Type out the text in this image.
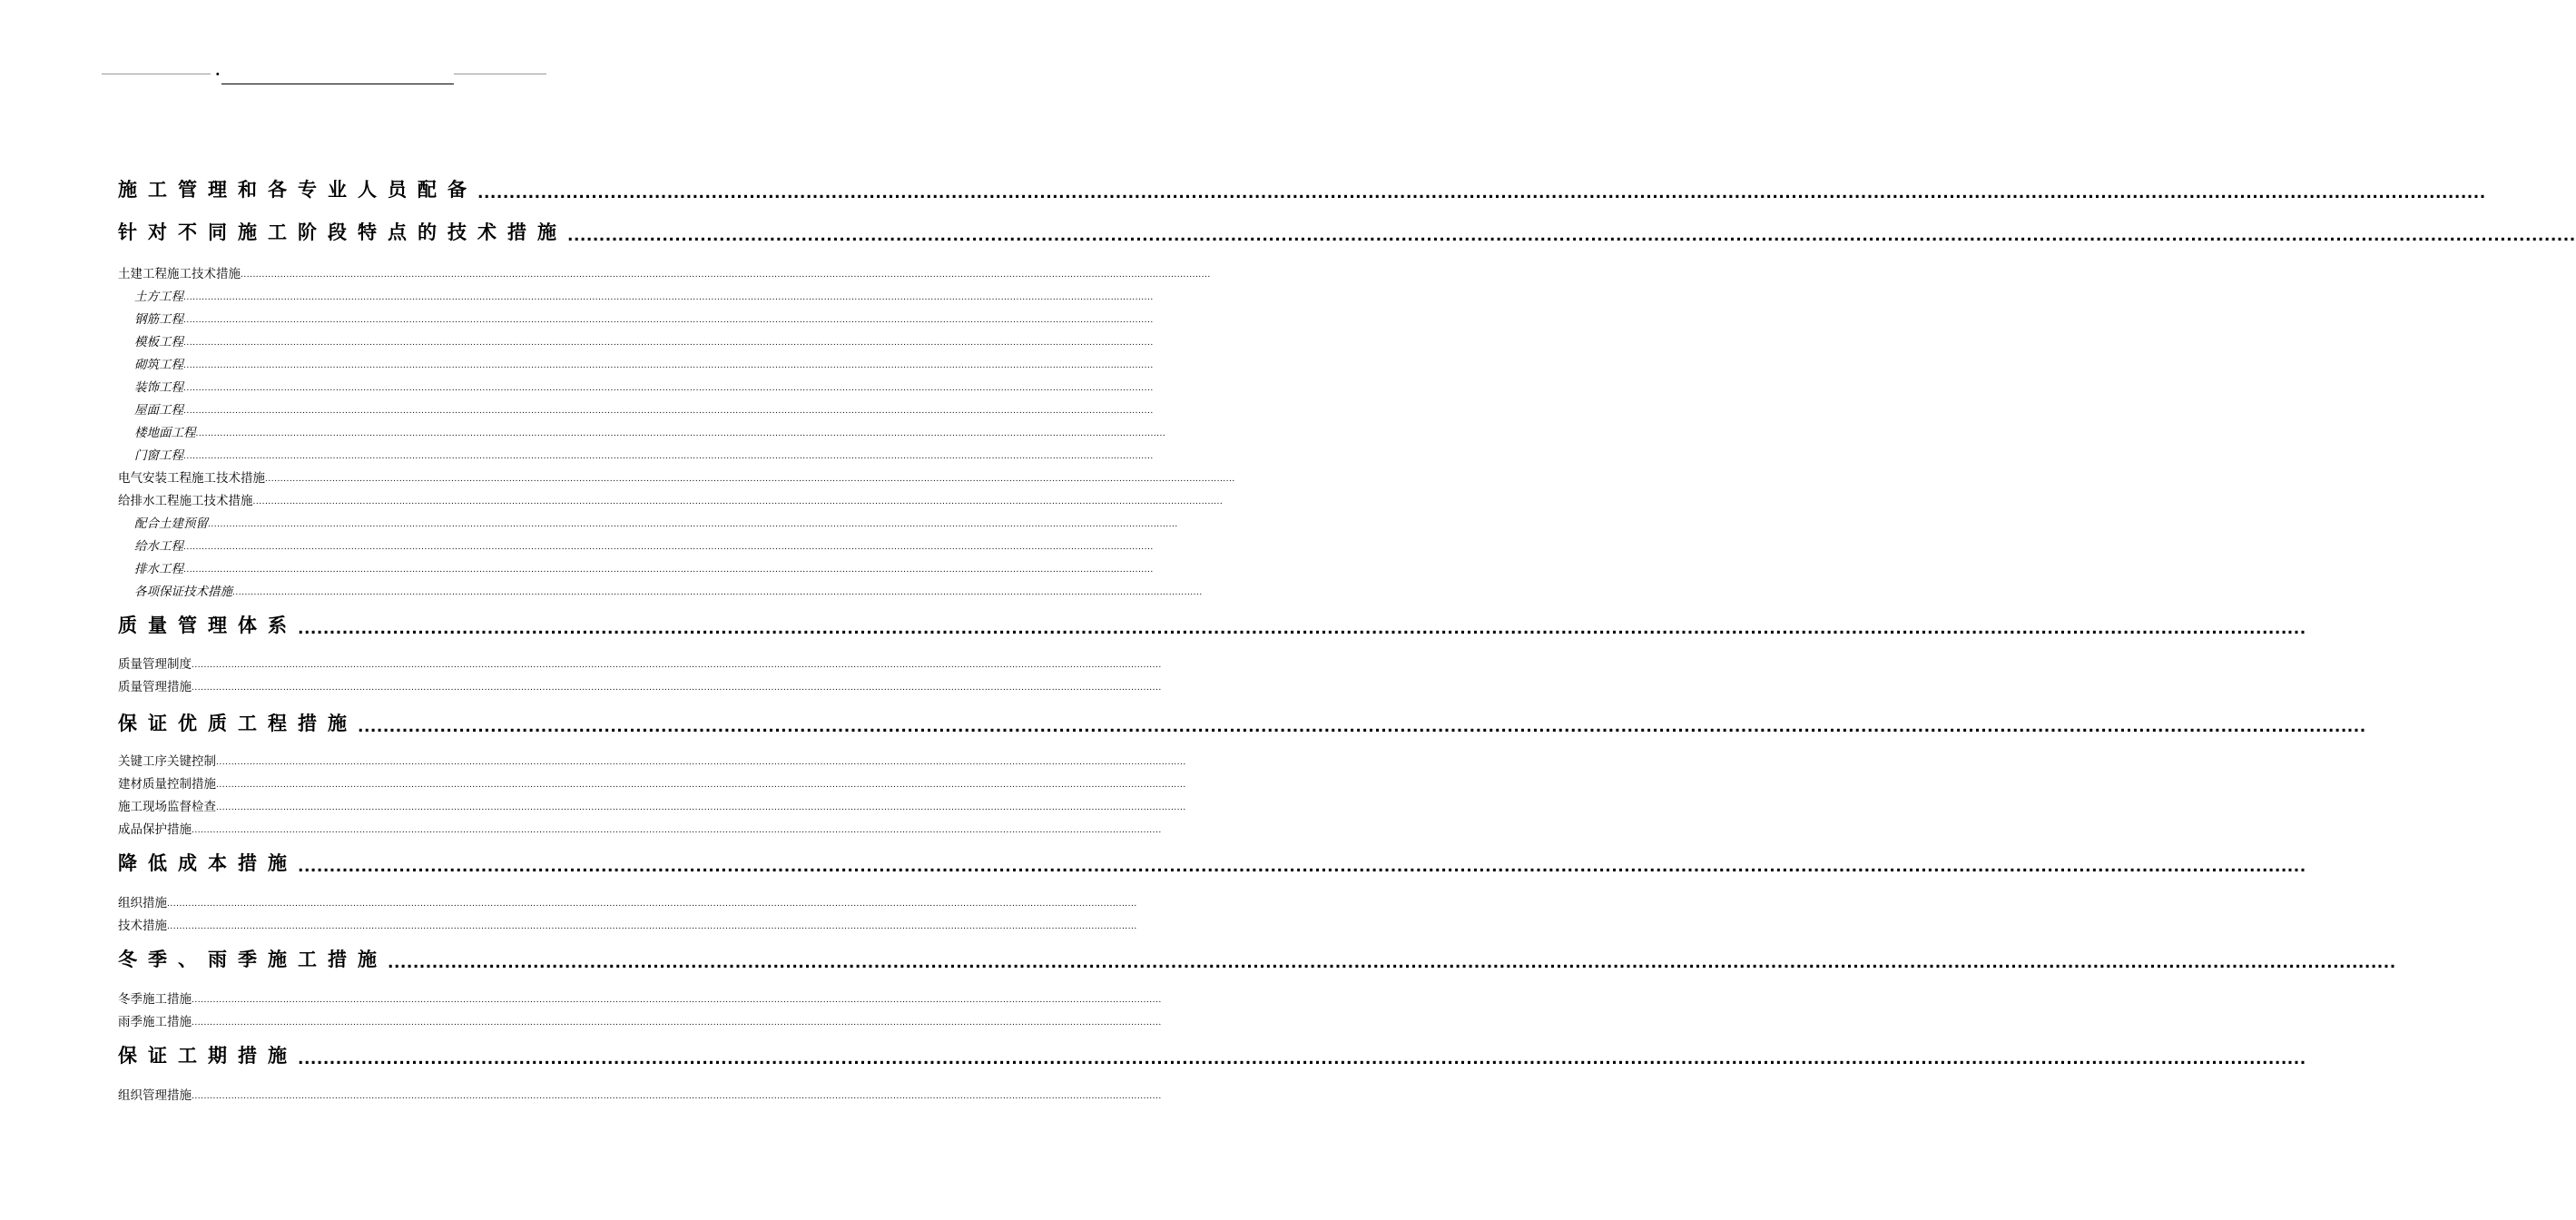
.
施工管理和各专业人员配备 ..............................................................................................................................................................................................................................................................................................................................
针对不同施工阶段特点的技术措施 ..............................................................................................................................................................................................................................................................................................................................
土建工程施工技术措施 ..............................................................................................................................................................................................................................................................................................................................
土方工程 ..............................................................................................................................................................................................................................................................................................................................
钢筋工程 ..............................................................................................................................................................................................................................................................................................................................
模板工程 ..............................................................................................................................................................................................................................................................................................................................
砌筑工程 ..............................................................................................................................................................................................................................................................................................................................
装饰工程 ..............................................................................................................................................................................................................................................................................................................................
屋面工程 ..............................................................................................................................................................................................................................................................................................................................
楼地面工程 ..............................................................................................................................................................................................................................................................................................................................
门窗工程 ..............................................................................................................................................................................................................................................................................................................................
电气安装工程施工技术措施 ..............................................................................................................................................................................................................................................................................................................................
给排水工程施工技术措施 ..............................................................................................................................................................................................................................................................................................................................
配合土建预留 ..............................................................................................................................................................................................................................................................................................................................
给水工程 ..............................................................................................................................................................................................................................................................................................................................
排水工程 ..............................................................................................................................................................................................................................................................................................................................
各项保证技术措施 ..............................................................................................................................................................................................................................................................................................................................
质量管理体系 ..............................................................................................................................................................................................................................................................................................................................
质量管理制度 ..............................................................................................................................................................................................................................................................................................................................
质量管理措施 ..............................................................................................................................................................................................................................................................................................................................
保证优质工程措施 ..............................................................................................................................................................................................................................................................................................................................
关键工序关键控制 ..............................................................................................................................................................................................................................................................................................................................
建材质量控制措施 ..............................................................................................................................................................................................................................................................................................................................
施工现场监督检查 ..............................................................................................................................................................................................................................................................................................................................
成品保护措施 ..............................................................................................................................................................................................................................................................................................................................
降低成本措施 ..............................................................................................................................................................................................................................................................................................................................
组织措施 ..............................................................................................................................................................................................................................................................................................................................
技术措施 ..............................................................................................................................................................................................................................................................................................................................
冬季、雨季施工措施 ..............................................................................................................................................................................................................................................................................................................................
冬季施工措施 ..............................................................................................................................................................................................................................................................................................................................
雨季施工措施 ..............................................................................................................................................................................................................................................................................................................................
保证工期措施 ..............................................................................................................................................................................................................................................................................................................................
组织管理措施 ..............................................................................................................................................................................................................................................................................................................................
